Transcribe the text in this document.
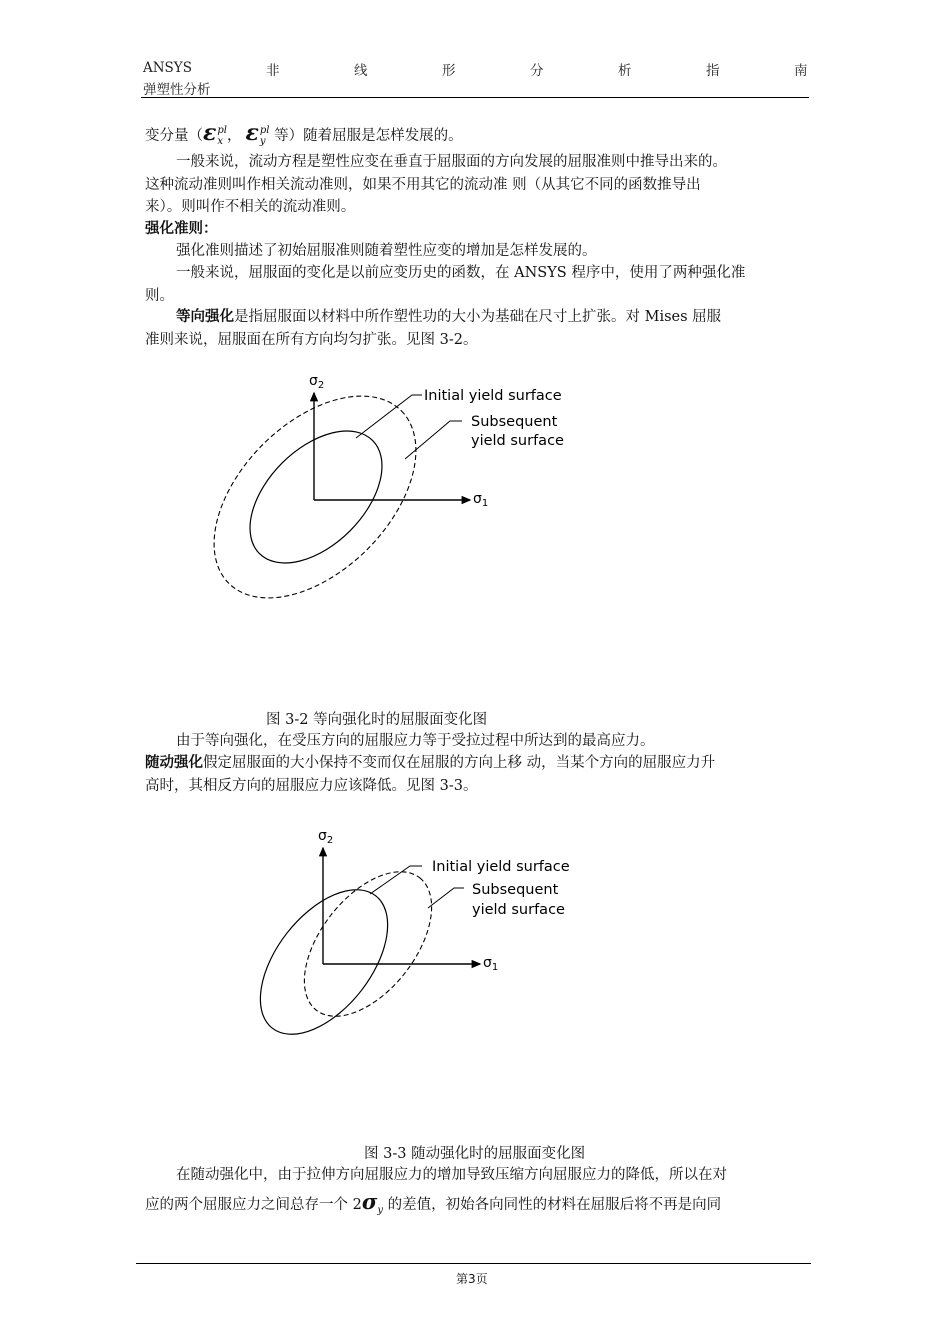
ANSYS	非	线	形	分	析	指	南
弹塑性分析
变分量（ε pl
x ， ε pl
y 等）随着屈服是怎样发展的。
一般来说，流动方程是塑性应变在垂直于屈服面的方向发展的屈服准则中推导出来的。
这种流动准则叫作相关流动准则，如果不用其它的流动准 则（从其它不同的函数推导出
来）。则叫作不相关的流动准则。
强化准则：
强化准则描述了初始屈服准则随着塑性应变的增加是怎样发展的。
一般来说，屈服面的变化是以前应变历史的函数，在 ANSYS 程序中，使用了两种强化准
则。
等向强化是指屈服面以材料中所作塑性功的大小为基础在尺寸上扩张。对 Mises 屈服
准则来说，屈服面在所有方向均匀扩张。见图 3-2。
$\sigma_2$
$\sigma_1$
Initial yield surface
Subsequent
yield surface
图 3-2 等向强化时的屈服面变化图
由于等向强化，在受压方向的屈服应力等于受拉过程中所达到的最高应力。
随动强化假定屈服面的大小保持不变而仅在屈服的方向上移 动，当某个方向的屈服应力升
高时，其相反方向的屈服应力应该降低。见图 3-3。
$\sigma_2$
$\sigma_1$
Initial yield surface
Subsequent
yield surface
图 3-3 随动强化时的屈服面变化图
在随动强化中，由于拉伸方向屈服应力的增加导致压缩方向屈服应力的降低，所以在对
应的两个屈服应力之间总存一个 $2\sigma_y$ 的差值，初始各向同性的材料在屈服后将不再是向同
第3页
